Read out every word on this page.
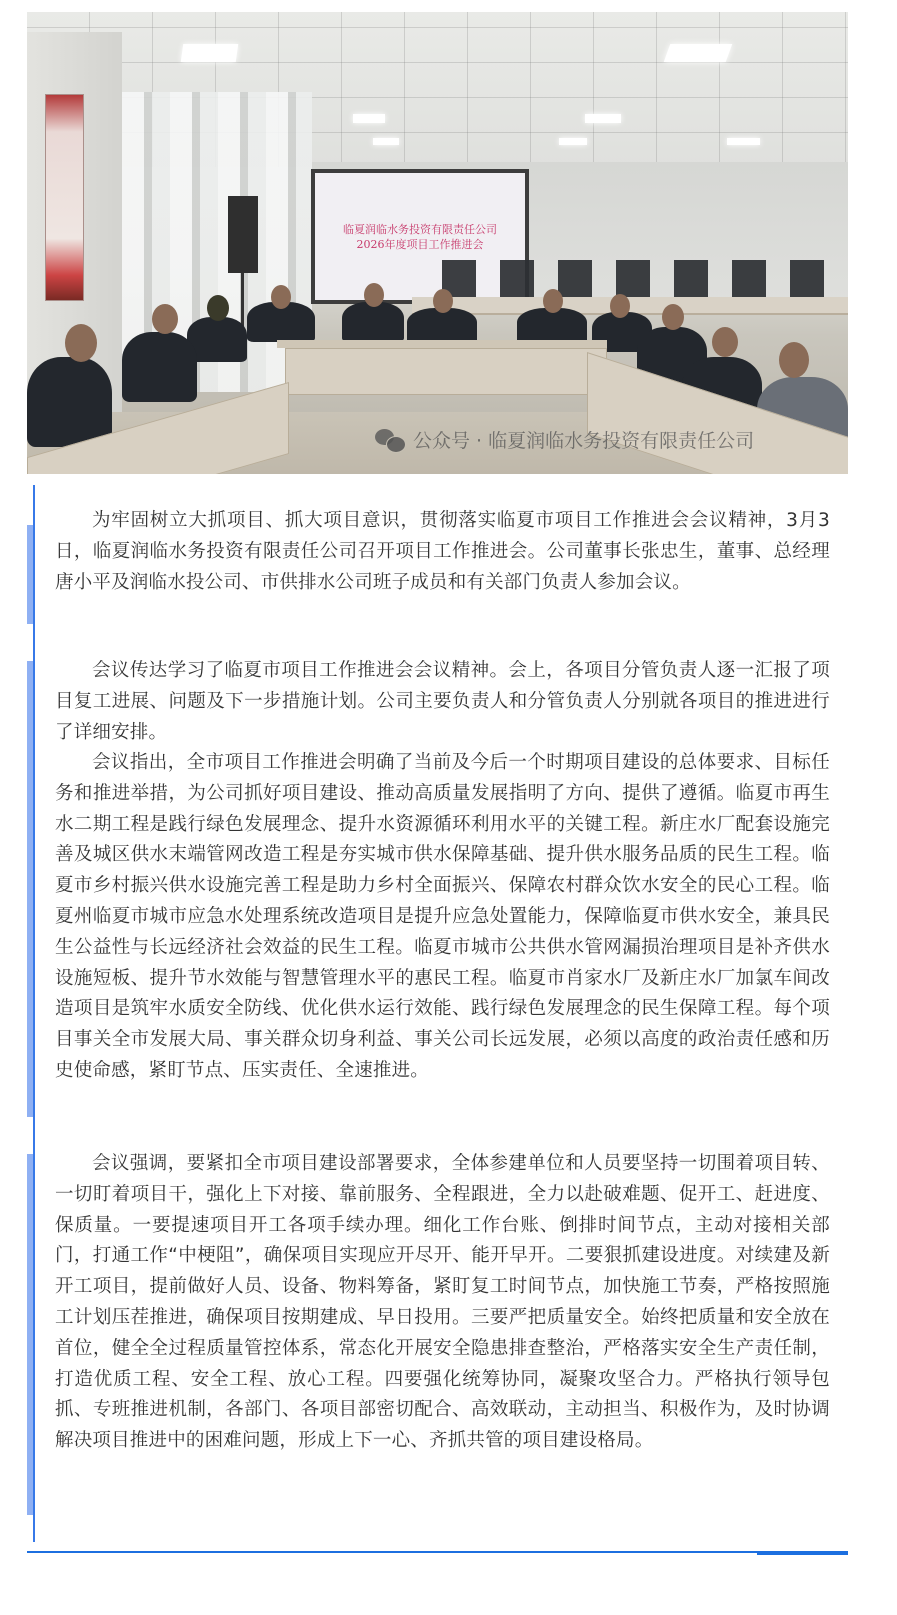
临夏润临水务投资有限责任公司
2026年度项目工作推进会
公众号 · 临夏润临水务投资有限责任公司

为牢固树立大抓项目、抓大项目意识，贯彻落实临夏市项目工作推进会会议精神，3月3日，临夏润临水务投资有限责任公司召开项目工作推进会。公司董事长张忠生，董事、总经理唐小平及润临水投公司、市供排水公司班子成员和有关部门负责人参加会议。

会议传达学习了临夏市项目工作推进会会议精神。会上，各项目分管负责人逐一汇报了项目复工进展、问题及下一步措施计划。公司主要负责人和分管负责人分别就各项目的推进进行了详细安排。

会议指出，全市项目工作推进会明确了当前及今后一个时期项目建设的总体要求、目标任务和推进举措，为公司抓好项目建设、推动高质量发展指明了方向、提供了遵循。临夏市再生水二期工程是践行绿色发展理念、提升水资源循环利用水平的关键工程。新庄水厂配套设施完善及城区供水末端管网改造工程是夯实城市供水保障基础、提升供水服务品质的民生工程。临夏市乡村振兴供水设施完善工程是助力乡村全面振兴、保障农村群众饮水安全的民心工程。临夏州临夏市城市应急水处理系统改造项目是提升应急处置能力，保障临夏市供水安全，兼具民生公益性与长远经济社会效益的民生工程。临夏市城市公共供水管网漏损治理项目是补齐供水设施短板、提升节水效能与智慧管理水平的惠民工程。临夏市肖家水厂及新庄水厂加氯车间改造项目是筑牢水质安全防线、优化供水运行效能、践行绿色发展理念的民生保障工程。每个项目事关全市发展大局、事关群众切身利益、事关公司长远发展，必须以高度的政治责任感和历史使命感，紧盯节点、压实责任、全速推进。

会议强调，要紧扣全市项目建设部署要求，全体参建单位和人员要坚持一切围着项目转、一切盯着项目干，强化上下对接、靠前服务、全程跟进，全力以赴破难题、促开工、赶进度、保质量。一要提速项目开工各项手续办理。细化工作台账、倒排时间节点，主动对接相关部门，打通工作“中梗阻”，确保项目实现应开尽开、能开早开。二要狠抓建设进度。对续建及新开工项目，提前做好人员、设备、物料筹备，紧盯复工时间节点，加快施工节奏，严格按照施工计划压茬推进，确保项目按期建成、早日投用。三要严把质量安全。始终把质量和安全放在首位，健全全过程质量管控体系，常态化开展安全隐患排查整治，严格落实安全生产责任制，打造优质工程、安全工程、放心工程。四要强化统筹协同，凝聚攻坚合力。严格执行领导包抓、专班推进机制，各部门、各项目部密切配合、高效联动，主动担当、积极作为，及时协调解决项目推进中的困难问题，形成上下一心、齐抓共管的项目建设格局。
